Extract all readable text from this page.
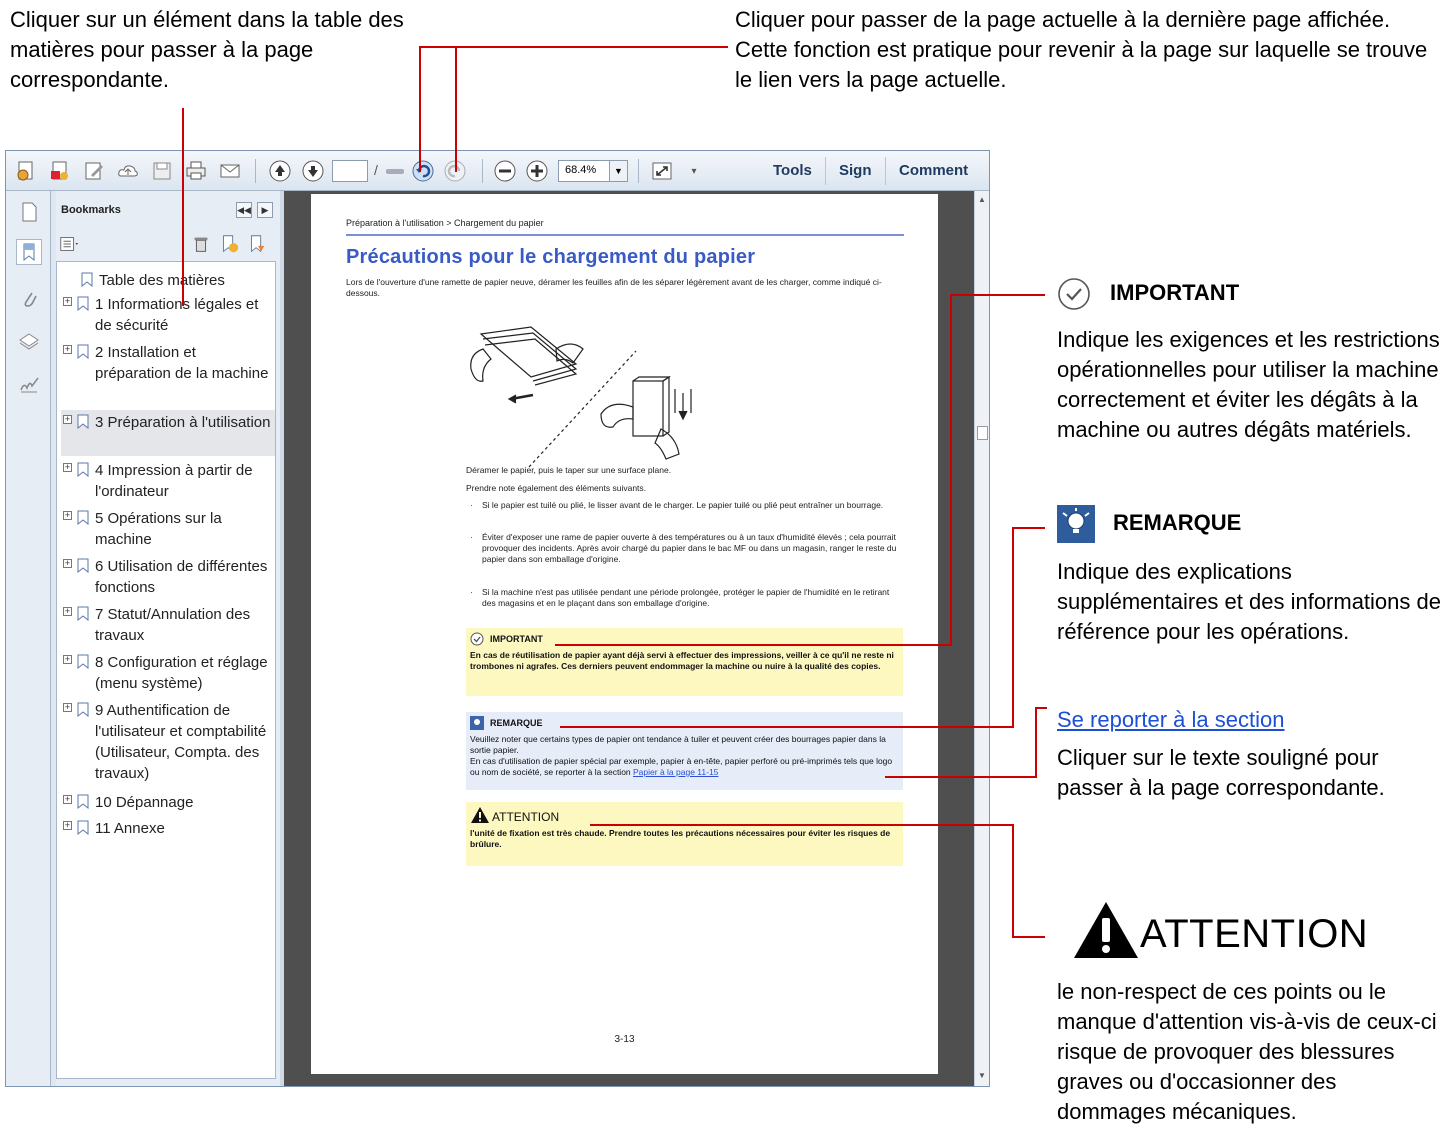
Cliquer sur un élément dans la table des matières pour passer à la page correspondante.
Cliquer pour passer de la page actuelle à la dernière page affichée. Cette fonction est pratique pour revenir à la page sur laquelle se trouve le lien vers la page actuelle.
/	68.4%	▼	▾	Tools Sign Comment
Bookmarks	◀◀	▶
Table des matières
+ 1 Informations légales et de sécurité
+ 2 Installation et préparation de la machine
+ 3 Préparation à l'utilisation
+ 4 Impression à partir de l'ordinateur
+ 5 Opérations sur la machine
+ 6 Utilisation de différentes fonctions
+ 7 Statut/Annulation des travaux
+ 8 Configuration et réglage (menu système)
+ 9 Authentification de l'utilisateur et comptabilité (Utilisateur, Compta. des travaux)
+ 10 Dépannage
+ 11 Annexe
▲
▼
Préparation à l'utilisation > Chargement du papier
Précautions pour le chargement du papier
Lors de l'ouverture d'une ramette de papier neuve, déramer les feuilles afin de les séparer légèrement avant de les charger, comme indiqué ci-dessous.
Déramer le papier, puis le taper sur une surface plane.
Prendre note également des éléments suivants.
· Si le papier est tuilé ou plié, le lisser avant de le charger. Le papier tuilé ou plié peut entraîner un bourrage.
· Éviter d'exposer une rame de papier ouverte à des températures ou à un taux d'humidité élevés ; cela pourrait
provoquer des incidents. Après avoir chargé du papier dans le bac MF ou dans un magasin, ranger le reste du papier dans son emballage d'origine.
· Si la machine n'est pas utilisée pendant une période prolongée, protéger le papier de l'humidité en le retirant des magasins et en le plaçant dans son emballage d'origine.
IMPORTANT
En cas de réutilisation de papier ayant déjà servi à effectuer des impressions, veiller à ce qu'il ne reste ni trombones ni agrafes. Ces derniers peuvent endommager la machine ou nuire à la qualité des copies.
REMARQUE
Veuillez noter que certains types de papier ont tendance à tuiler et peuvent créer des bourrages papier dans la sortie papier.
En cas d'utilisation de papier spécial par exemple, papier à en-tête, papier perforé ou pré-imprimés tels que logo ou nom de société, se reporter à la section Papier à la page 11-15
ATTENTION
l'unité de fixation est très chaude. Prendre toutes les précautions nécessaires pour éviter les risques de brûlure.
3-13
IMPORTANT
Indique les exigences et les restrictions opérationnelles pour utiliser la machine correctement et éviter les dégâts à la machine ou autres dégâts matériels.
REMARQUE
Indique des explications supplémentaires et des informations de référence pour les opérations.
Se reporter à la section
Cliquer sur le texte souligné pour passer à la page correspondante.
ATTENTION
le non-respect de ces points ou le manque d'attention vis-à-vis de ceux-ci risque de provoquer des blessures graves ou d'occasionner des dommages mécaniques.
